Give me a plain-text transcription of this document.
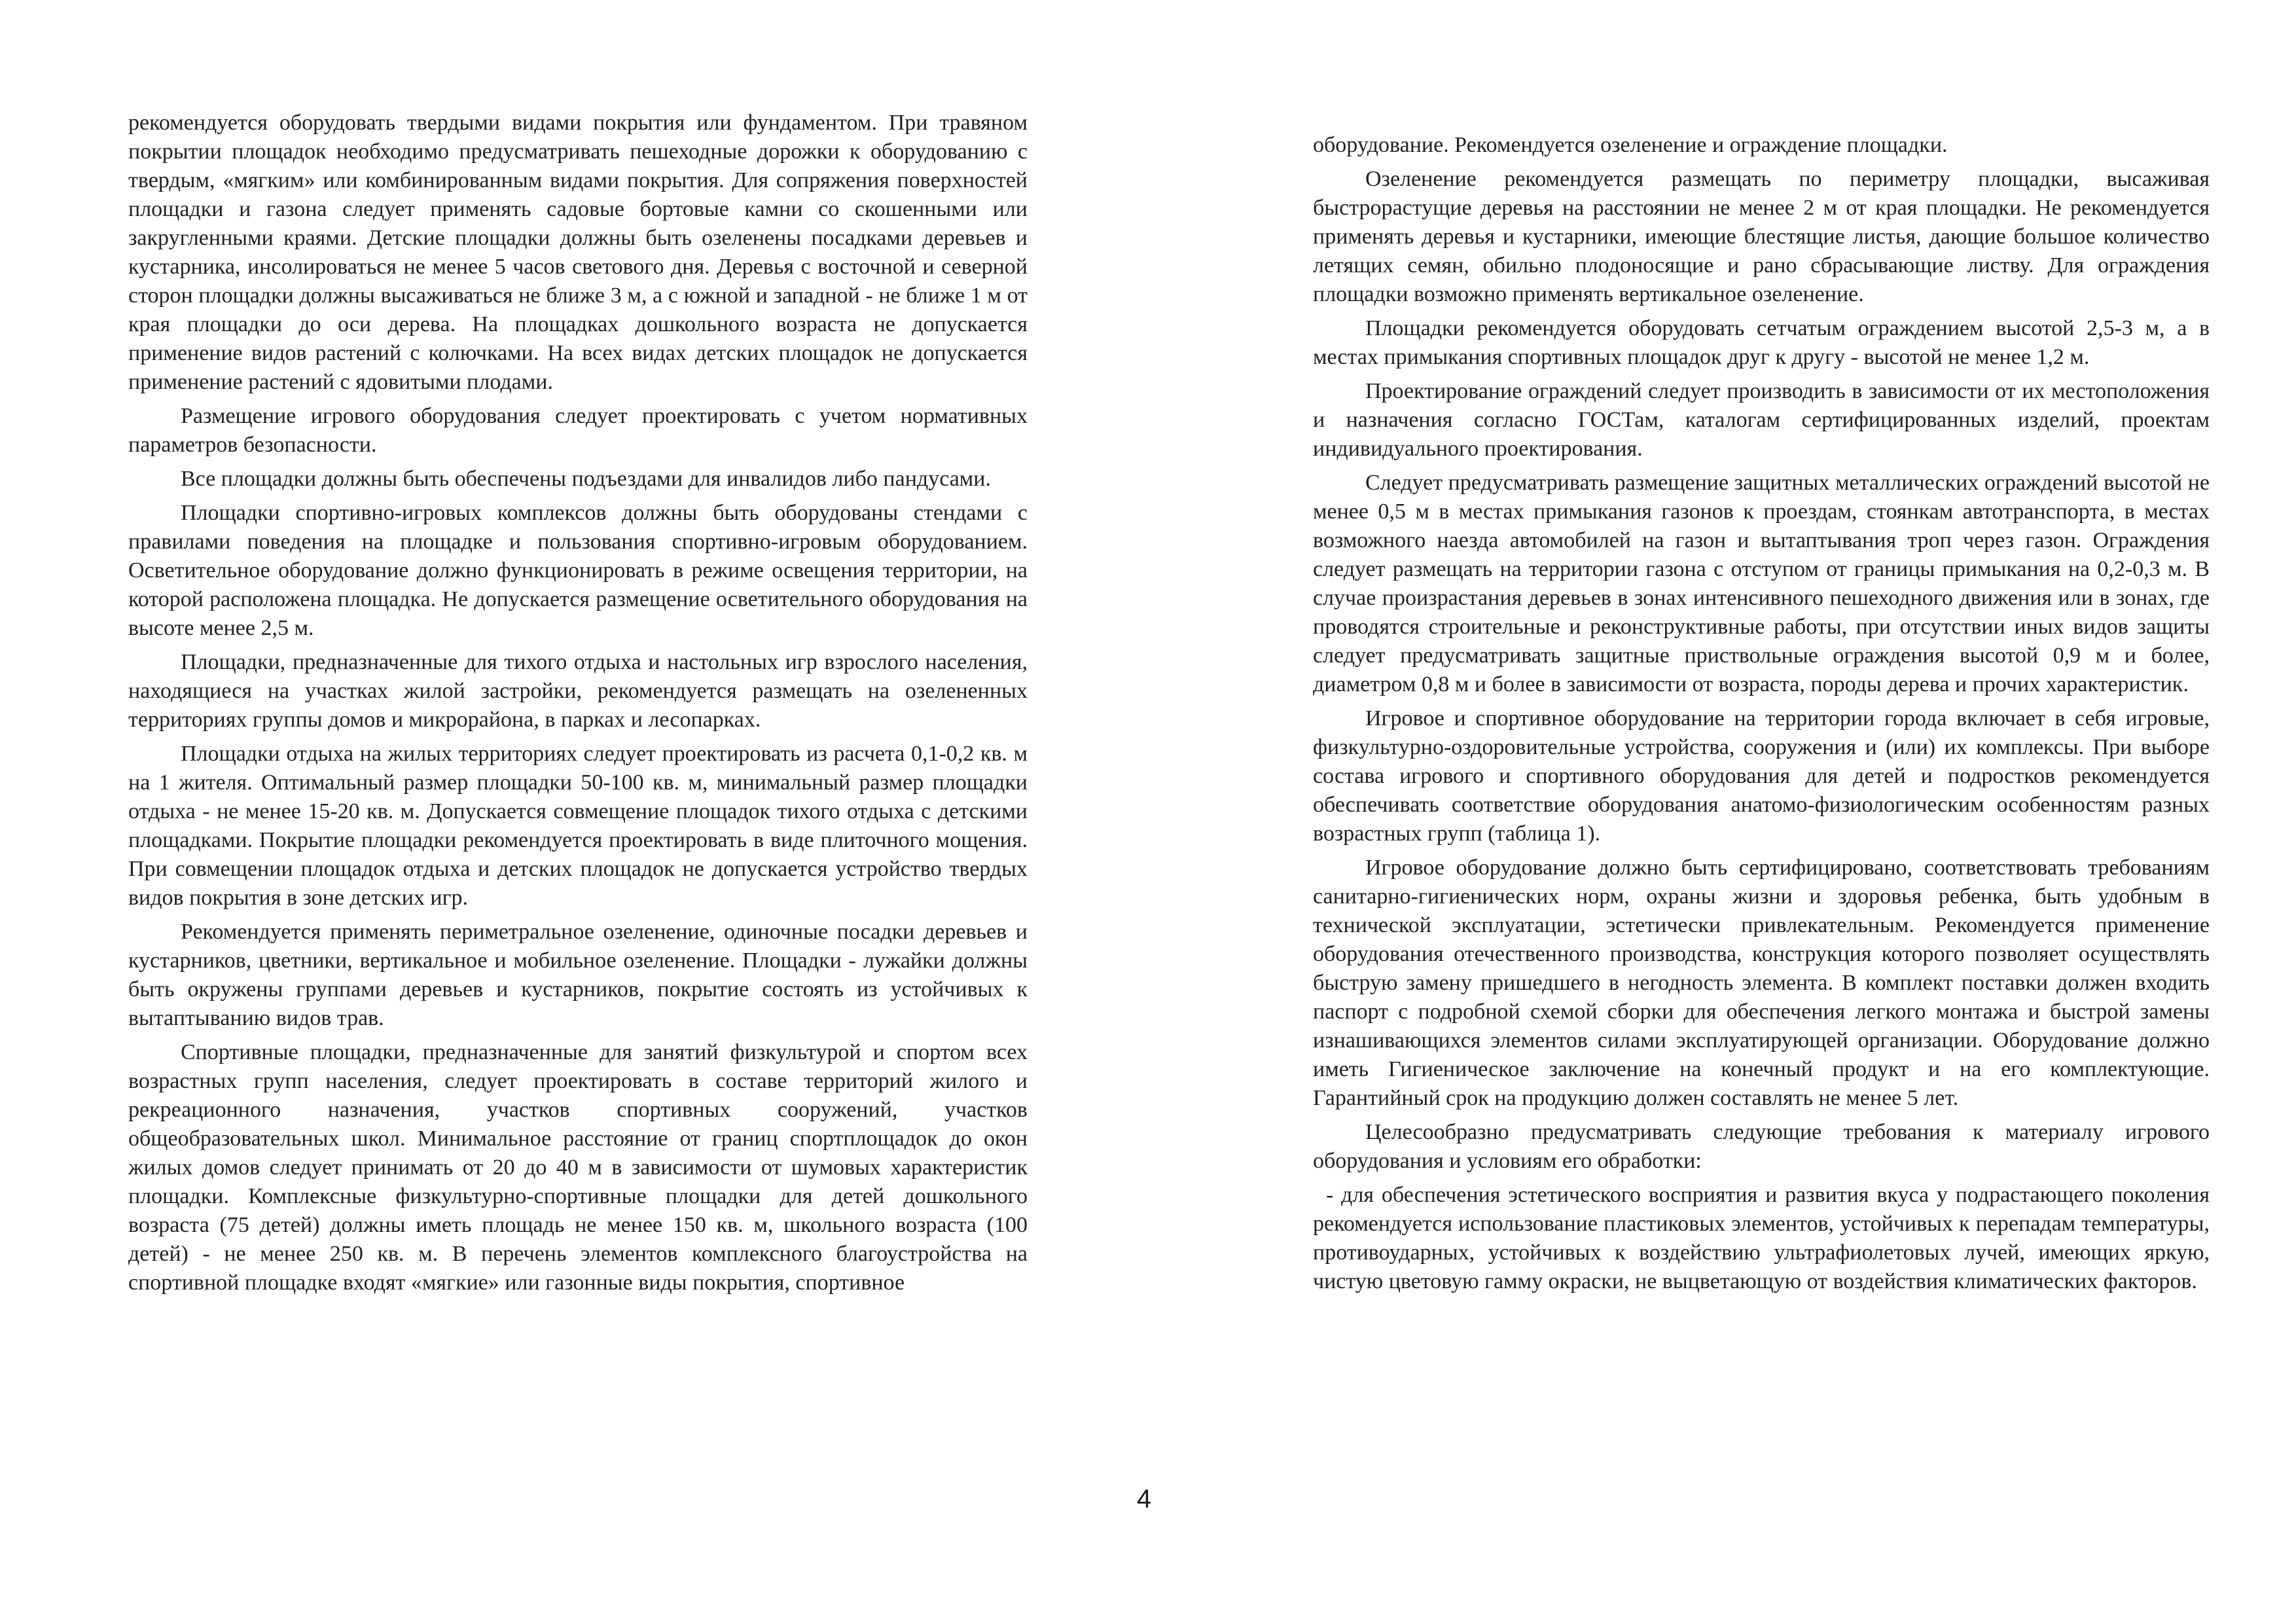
рекомендуется оборудовать твердыми видами покрытия или фундаментом. При травяном покрытии площадок необходимо предусматривать пешеходные дорожки к оборудованию с твердым, «мягким» или комбинированным видами покрытия. Для сопряжения поверхностей площадки и газона следует применять садовые бортовые камни со скошенными или закругленными краями. Детские площадки должны быть озеленены посадками деревьев и кустарника, инсолироваться не менее 5 часов светового дня. Деревья с восточной и северной сторон площадки должны высаживаться не ближе 3 м, а с южной и западной - не ближе 1 м от края площадки до оси дерева. На площадках дошкольного возраста не допускается применение видов растений с колючками. На всех видах детских площадок не допускается применение растений с ядовитыми плодами.

Размещение игрового оборудования следует проектировать с учетом нормативных параметров безопасности.

Все площадки должны быть обеспечены подъездами для инвалидов либо пандусами.

Площадки спортивно-игровых комплексов должны быть оборудованы стендами с правилами поведения на площадке и пользования спортивно-игровым оборудованием. Осветительное оборудование должно функционировать в режиме освещения территории, на которой расположена площадка. Не допускается размещение осветительного оборудования на высоте менее 2,5 м.

Площадки, предназначенные для тихого отдыха и настольных игр взрослого населения, находящиеся на участках жилой застройки, рекомендуется размещать на озелененных территориях группы домов и микрорайона, в парках и лесопарках.

Площадки отдыха на жилых территориях следует проектировать из расчета 0,1-0,2 кв. м на 1 жителя. Оптимальный размер площадки 50-100 кв. м, минимальный размер площадки отдыха - не менее 15-20 кв. м. Допускается совмещение площадок тихого отдыха с детскими площадками. Покрытие площадки рекомендуется проектировать в виде плиточного мощения. При совмещении площадок отдыха и детских площадок не допускается устройство твердых видов покрытия в зоне детских игр.

Рекомендуется применять периметральное озеленение, одиночные посадки деревьев и кустарников, цветники, вертикальное и мобильное озеленение. Площадки - лужайки должны быть окружены группами деревьев и кустарников, покрытие состоять из устойчивых к вытаптыванию видов трав.

Спортивные площадки, предназначенные для занятий физкультурой и спортом всех возрастных групп населения, следует проектировать в составе территорий жилого и рекреационного назначения, участков спортивных сооружений, участков общеобразовательных школ. Минимальное расстояние от границ спортплощадок до окон жилых домов следует принимать от 20 до 40 м в зависимости от шумовых характеристик площадки. Комплексные физкультурно-спортивные площадки для детей дошкольного возраста (75 детей) должны иметь площадь не менее 150 кв. м, школьного возраста (100 детей) - не менее 250 кв. м. В перечень элементов комплексного благоустройства на спортивной площадке входят «мягкие» или газонные виды покрытия, спортивное

4

оборудование. Рекомендуется озеленение и ограждение площадки.

Озеленение рекомендуется размещать по периметру площадки, высаживая быстрорастущие деревья на расстоянии не менее 2 м от края площадки. Не рекомендуется применять деревья и кустарники, имеющие блестящие листья, дающие большое количество летящих семян, обильно плодоносящие и рано сбрасывающие листву. Для ограждения площадки возможно применять вертикальное озеленение.

Площадки рекомендуется оборудовать сетчатым ограждением высотой 2,5-3 м, а в местах примыкания спортивных площадок друг к другу - высотой не менее 1,2 м.

Проектирование ограждений следует производить в зависимости от их местоположения и назначения согласно ГОСТам, каталогам сертифицированных изделий, проектам индивидуального проектирования.

Следует предусматривать размещение защитных металлических ограждений высотой не менее 0,5 м в местах примыкания газонов к проездам, стоянкам автотранспорта, в местах возможного наезда автомобилей на газон и вытаптывания троп через газон. Ограждения следует размещать на территории газона с отступом от границы примыкания на 0,2-0,3 м. В случае произрастания деревьев в зонах интенсивного пешеходного движения или в зонах, где проводятся строительные и реконструктивные работы, при отсутствии иных видов защиты следует предусматривать защитные приствольные ограждения высотой 0,9 м и более, диаметром 0,8 м и более в зависимости от возраста, породы дерева и прочих характеристик.

Игровое и спортивное оборудование на территории города включает в себя игровые, физкультурно-оздоровительные устройства, сооружения и (или) их комплексы. При выборе состава игрового и спортивного оборудования для детей и подростков рекомендуется обеспечивать соответствие оборудования анатомо-физиологическим особенностям разных возрастных групп (таблица 1).

Игровое оборудование должно быть сертифицировано, соответствовать требованиям санитарно-гигиенических норм, охраны жизни и здоровья ребенка, быть удобным в технической эксплуатации, эстетически привлекательным. Рекомендуется применение оборудования отечественного производства, конструкция которого позволяет осуществлять быструю замену пришедшего в негодность элемента. В комплект поставки должен входить паспорт с подробной схемой сборки для обеспечения легкого монтажа и быстрой замены изнашивающихся элементов силами эксплуатирующей организации. Оборудование должно иметь Гигиеническое заключение на конечный продукт и на его комплектующие. Гарантийный срок на продукцию должен составлять не менее 5 лет.

Целесообразно предусматривать следующие требования к материалу игрового оборудования и условиям его обработки:

- для обеспечения эстетического восприятия и развития вкуса у подрастающего поколения рекомендуется использование пластиковых элементов, устойчивых к перепадам температуры, противоударных, устойчивых к воздействию ультрафиолетовых лучей, имеющих яркую, чистую цветовую гамму окраски, не выцветающую от воздействия климатических факторов.
